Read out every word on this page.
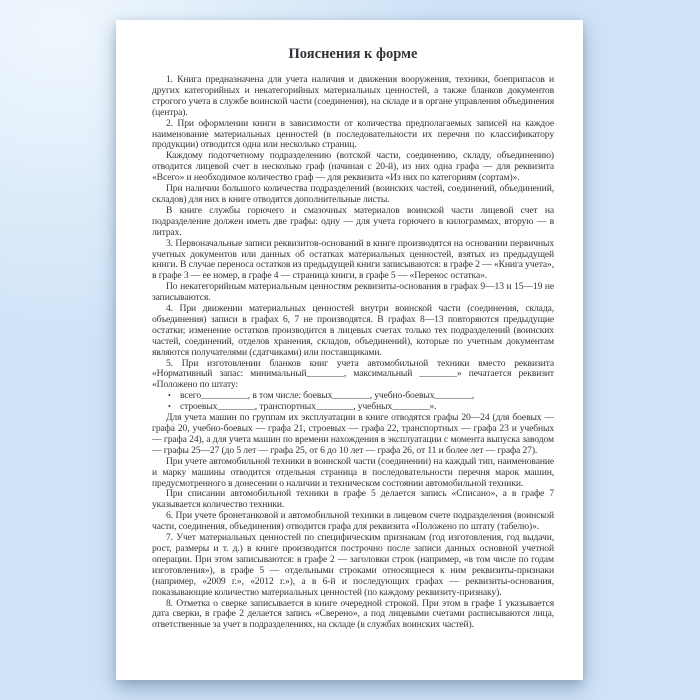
Пояснения к форме

1. Книга предназначена для учета наличия и движения вооружения, техники, боеприпасов и других категорийных и некатегорийных материальных ценностей, а также бланков документов строгого учета в службе воинской части (соединения), на складе и в органе управления объединения (центра).

2. При оформлении книги в зависимости от количества предполагаемых записей на каждое наименование материальных ценностей (в последовательности их перечня по классификатору продукции) отводится одна или несколько страниц.

Каждому подотчетному подразделению (вотской части, соединению, складу, объединению) отводится лицевой счет в несколько граф (начиная с 20-й), из них одна графа — для реквизита «Всего» и необходимое количество граф — для реквизита «Из них по категориям (сортам)».

При наличии большого количества подразделений (воинских частей, соединений, объединений, складов) для них в книге отводятся дополнительные листы.

В книге службы горючего и смазочных материалов воинской части лицевой счет на подразделение должен иметь две графы: одну — для учета горючего в килограммах, вторую — в литрах.

3. Первоначальные записи реквизитов-оснований в книге производятся на основании первичных учетных документов или данных об остатках материальных ценностей, взятых из предыдущей книги. В случае переноса остатков из предыдущей книги записываются: в графе 2 — «Книга учета», в графе 3 — ее номер, в графе 4 — страница книги, в графе 5 — «Перенос остатка».

По некатегорийным материальным ценностям реквизиты-основания в графах 9—13 и 15—19 не записываются.

4. При движении материальных ценностей внутри воинской части (соединения, склада, объединения) записи в графах 6, 7 не производятся. В графах 8—13 повторяются предыдущие остатки; изменение остатков производится в лицевых счетах только тех подразделений (воинских частей, соединений, отделов хранения, складов, объединений), которые по учетным документам являются получателями (сдатчиками) или поставщиками.

5. При изготовлении бланков книг учета автомобильной техники вместо реквизита «Нормативный запас: минимальный________, максимальный ________» печатается реквизит «Положено по штату:

• всего__________, в том числе: боевых________, учебно-боевых________,

• строевых________, транспортных________, учебных________».

Для учета машин по группам их эксплуатации в книге отводятся графы 20—24 (для боевых — графа 20, учебно-боевых — графа 21, строевых — графа 22, транспортных — графа 23 и учебных — графа 24), а для учета машин по времени нахождения в эксплуатации с момента выпуска заводом — графы 25—27 (до 5 лет — графа 25, от 6 до 10 лет — графа 26, от 11 и более лет — графа 27).

При учете автомобильной техники в воинской части (соединении) на каждый тип, наименование и марку машины отводится отдельная страница в последовательности перечня марок машин, предусмотренного в донесении о наличии и техническом состоянии автомобильной техники.

При списании автомобильной техники в графе 5 делается запись «Списано», а в графе 7 указывается количество техники.

6. При учете бронетанковой и автомобильной техники в лицевом счете подразделения (воинской части, соединения, объединения) отводится графа для реквизита «Положено по штату (табелю)».

7. Учет материальных ценностей по специфическим признакам (год изготовления, год выдачи, рост, размеры и т. д.) в книге производится построчно после записи данных основной учетной операции. При этом записываются: в графе 2 — заголовки строк (например, «в том числе по годам изготовления»), в графе 5 — отдельными строками относящиеся к ним реквизиты-признаки (например, «2009 г.», «2012 г.»), а в 6-й и последующих графах — реквизиты-основания, показывающие количество материальных ценностей (по каждому реквизиту-признаку).

8. Отметка о сверке записывается в книге очередной строкой. При этом в графе 1 указывается дата сверки, в графе 2 делается запись «Сверено», а под лицевыми счетами расписываются лица, ответственные за учет в подразделениях, на складе (в службах воинских частей).
